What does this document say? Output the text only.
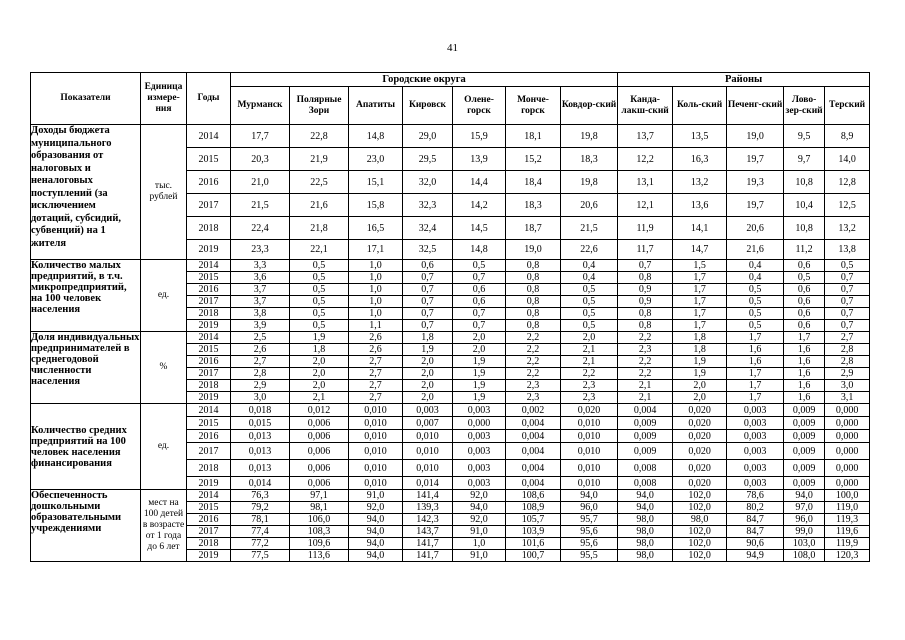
41
Показатели	Единица измере-ния	Годы	Городские округа							Районы				
			Мурманск	Полярные Зори	Апатиты	Кировск	Олене-горск	Монче-горск	Ковдор-ский	Канда-лакш-ский	Коль-ский	Печенг-ский	Лово-зер-ский	Терский
Доходы бюджета муниципального образования от налоговых и неналоговых поступлений (за исключением дотаций, субсидий, субвенций) на 1 жителя	тыс. рублей	2014	17,7	22,8	14,8	29,0	15,9	18,1	19,8	13,7	13,5	19,0	9,5	8,9
		2015	20,3	21,9	23,0	29,5	13,9	15,2	18,3	12,2	16,3	19,7	9,7	14,0
		2016	21,0	22,5	15,1	32,0	14,4	18,4	19,8	13,1	13,2	19,3	10,8	12,8
		2017	21,5	21,6	15,8	32,3	14,2	18,3	20,6	12,1	13,6	19,7	10,4	12,5
		2018	22,4	21,8	16,5	32,4	14,5	18,7	21,5	11,9	14,1	20,6	10,8	13,2
		2019	23,3	22,1	17,1	32,5	14,8	19,0	22,6	11,7	14,7	21,6	11,2	13,8
Количество малых предприятий, в т.ч. микропредприятий, на 100 человек населения	ед.	2014	3,3	0,5	1,0	0,6	0,5	0,8	0,4	0,7	1,5	0,4	0,6	0,5
		2015	3,6	0,5	1,0	0,7	0,7	0,8	0,4	0,8	1,7	0,4	0,5	0,7
		2016	3,7	0,5	1,0	0,7	0,6	0,8	0,5	0,9	1,7	0,5	0,6	0,7
		2017	3,7	0,5	1,0	0,7	0,6	0,8	0,5	0,9	1,7	0,5	0,6	0,7
		2018	3,8	0,5	1,0	0,7	0,7	0,8	0,5	0,8	1,7	0,5	0,6	0,7
		2019	3,9	0,5	1,1	0,7	0,7	0,8	0,5	0,8	1,7	0,5	0,6	0,7
Доля индивидуальных предпринимателей в среднегодовой численности населения	%	2014	2,5	1,9	2,6	1,8	2,0	2,2	2,0	2,2	1,8	1,7	1,7	2,7
		2015	2,6	1,8	2,6	1,9	2,0	2,2	2,1	2,3	1,8	1,6	1,6	2,8
		2016	2,7	2,0	2,7	2,0	1,9	2,2	2,1	2,2	1,9	1,6	1,6	2,8
		2017	2,8	2,0	2,7	2,0	1,9	2,2	2,2	2,2	1,9	1,7	1,6	2,9
		2018	2,9	2,0	2,7	2,0	1,9	2,3	2,3	2,1	2,0	1,7	1,6	3,0
		2019	3,0	2,1	2,7	2,0	1,9	2,3	2,3	2,1	2,0	1,7	1,6	3,1
Количество средних предприятий на 100 человек населения финансирования	ед.	2014	0,018	0,012	0,010	0,003	0,003	0,002	0,020	0,004	0,020	0,003	0,009	0,000
		2015	0,015	0,006	0,010	0,007	0,000	0,004	0,010	0,009	0,020	0,003	0,009	0,000
		2016	0,013	0,006	0,010	0,010	0,003	0,004	0,010	0,009	0,020	0,003	0,009	0,000
		2017	0,013	0,006	0,010	0,010	0,003	0,004	0,010	0,009	0,020	0,003	0,009	0,000
		2018	0,013	0,006	0,010	0,010	0,003	0,004	0,010	0,008	0,020	0,003	0,009	0,000
		2019	0,014	0,006	0,010	0,014	0,003	0,004	0,010	0,008	0,020	0,003	0,009	0,000
Обеспеченность дошкольными образовательными учреждениями	мест на 100 детей в возрасте от 1 года до 6 лет	2014	76,3	97,1	91,0	141,4	92,0	108,6	94,0	94,0	102,0	78,6	94,0	100,0
		2015	79,2	98,1	92,0	139,3	94,0	108,9	96,0	94,0	102,0	80,2	97,0	119,0
		2016	78,1	106,0	94,0	142,3	92,0	105,7	95,7	98,0	98,0	84,7	96,0	119,3
		2017	77,4	108,3	94,0	143,7	91,0	103,9	95,6	98,0	102,0	84,7	99,0	119,6
		2018	77,2	109,6	94,0	141,7	1,0	101,6	95,6	98,0	102,0	90,6	103,0	119,9
		2019	77,5	113,6	94,0	141,7	91,0	100,7	95,5	98,0	102,0	94,9	108,0	120,3
